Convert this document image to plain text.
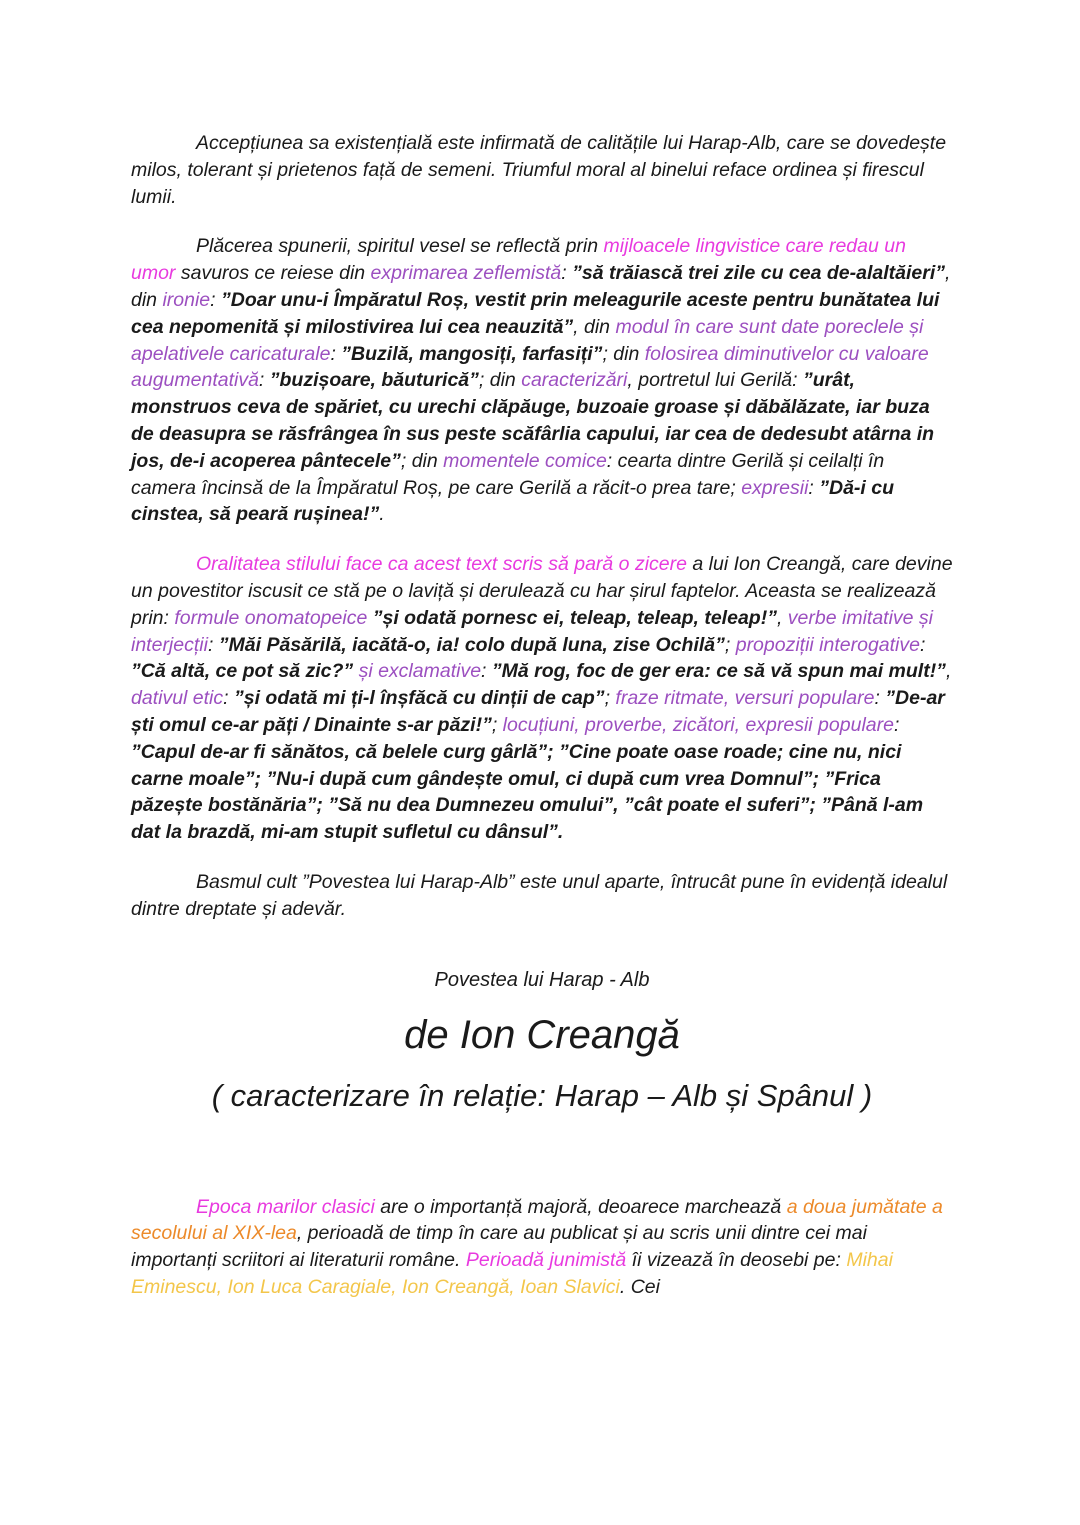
Accepțiunea sa existențială este infirmată de calitățile lui Harap-Alb, care se dovedește milos, tolerant și prietenos față de semeni. Triumful moral al binelui reface ordinea și firescul lumii.

Plăcerea spunerii, spiritul vesel se reflectă prin mijloacele lingvistice care redau un umor savuros ce reiese din exprimarea zeflemistă: ”să trăiască trei zile cu cea de-alaltăieri”, din ironie: ”Doar unu-i Împăratul Roș, vestit prin meleagurile aceste pentru bunătatea lui cea nepomenită și milostivirea lui cea neauzită”, din modul în care sunt date poreclele și apelativele caricaturale: ”Buzilă, mangosiți, farfasiți”; din folosirea diminutivelor cu valoare augumentativă: ”buzișoare, băuturică”; din caracterizări, portretul lui Gerilă: ”urât, monstruos ceva de spăriet, cu urechi clăpăuge, buzoaie groase și dăbălăzate, iar buza de deasupra se răsfrângea în sus peste scăfârlia capului, iar cea de dedesubt atârna in jos, de-i acoperea pântecele”; din momentele comice: cearta dintre Gerilă și ceilalți în camera încinsă de la Împăratul Roș, pe care Gerilă a răcit-o prea tare; expresii: ”Dă-i cu cinstea, să peară rușinea!”.

Oralitatea stilului face ca acest text scris să pară o zicere a lui Ion Creangă, care devine un povestitor iscusit ce stă pe o laviță și derulează cu har șirul faptelor. Aceasta se realizează prin: formule onomatopeice ”și odată pornesc ei, teleap, teleap, teleap!”, verbe imitative și interjecții: ”Măi Păsărilă, iacătă-o, ia! colo după luna, zise Ochilă”; propoziții interogative: ”Că altă, ce pot să zic?” și exclamative: ”Mă rog, foc de ger era: ce să vă spun mai mult!”, dativul etic: ”și odată mi ți-l înșfăcă cu dinții de cap”; fraze ritmate, versuri populare: ”De-ar ști omul ce-ar păți / Dinainte s-ar păzi!”; locuțiuni, proverbe, zicători, expresii populare: ”Capul de-ar fi sănătos, că belele curg gârlă”; ”Cine poate oase roade; cine nu, nici carne moale”; ”Nu-i după cum gândește omul, ci după cum vrea Domnul”; ”Frica păzește bostănăria”; ”Să nu dea Dumnezeu omului”, ”cât poate el suferi”; ”Până l-am dat la brazdă, mi-am stupit sufletul cu dânsul”.

Basmul cult ”Povestea lui Harap-Alb” este unul aparte, întrucât pune în evidență idealul dintre dreptate și adevăr.

Povestea lui Harap - Alb
de Ion Creangă
( caracterizare în relație: Harap – Alb și Spânul )

Epoca marilor clasici are o importanță majoră, deoarece marchează a doua jumătate a secolului al XIX-lea, perioadă de timp în care au publicat și au scris unii dintre cei mai importanți scriitori ai literaturii române. Perioadă junimistă îi vizează în deosebi pe: Mihai Eminescu, Ion Luca Caragiale, Ion Creangă, Ioan Slavici. Cei
